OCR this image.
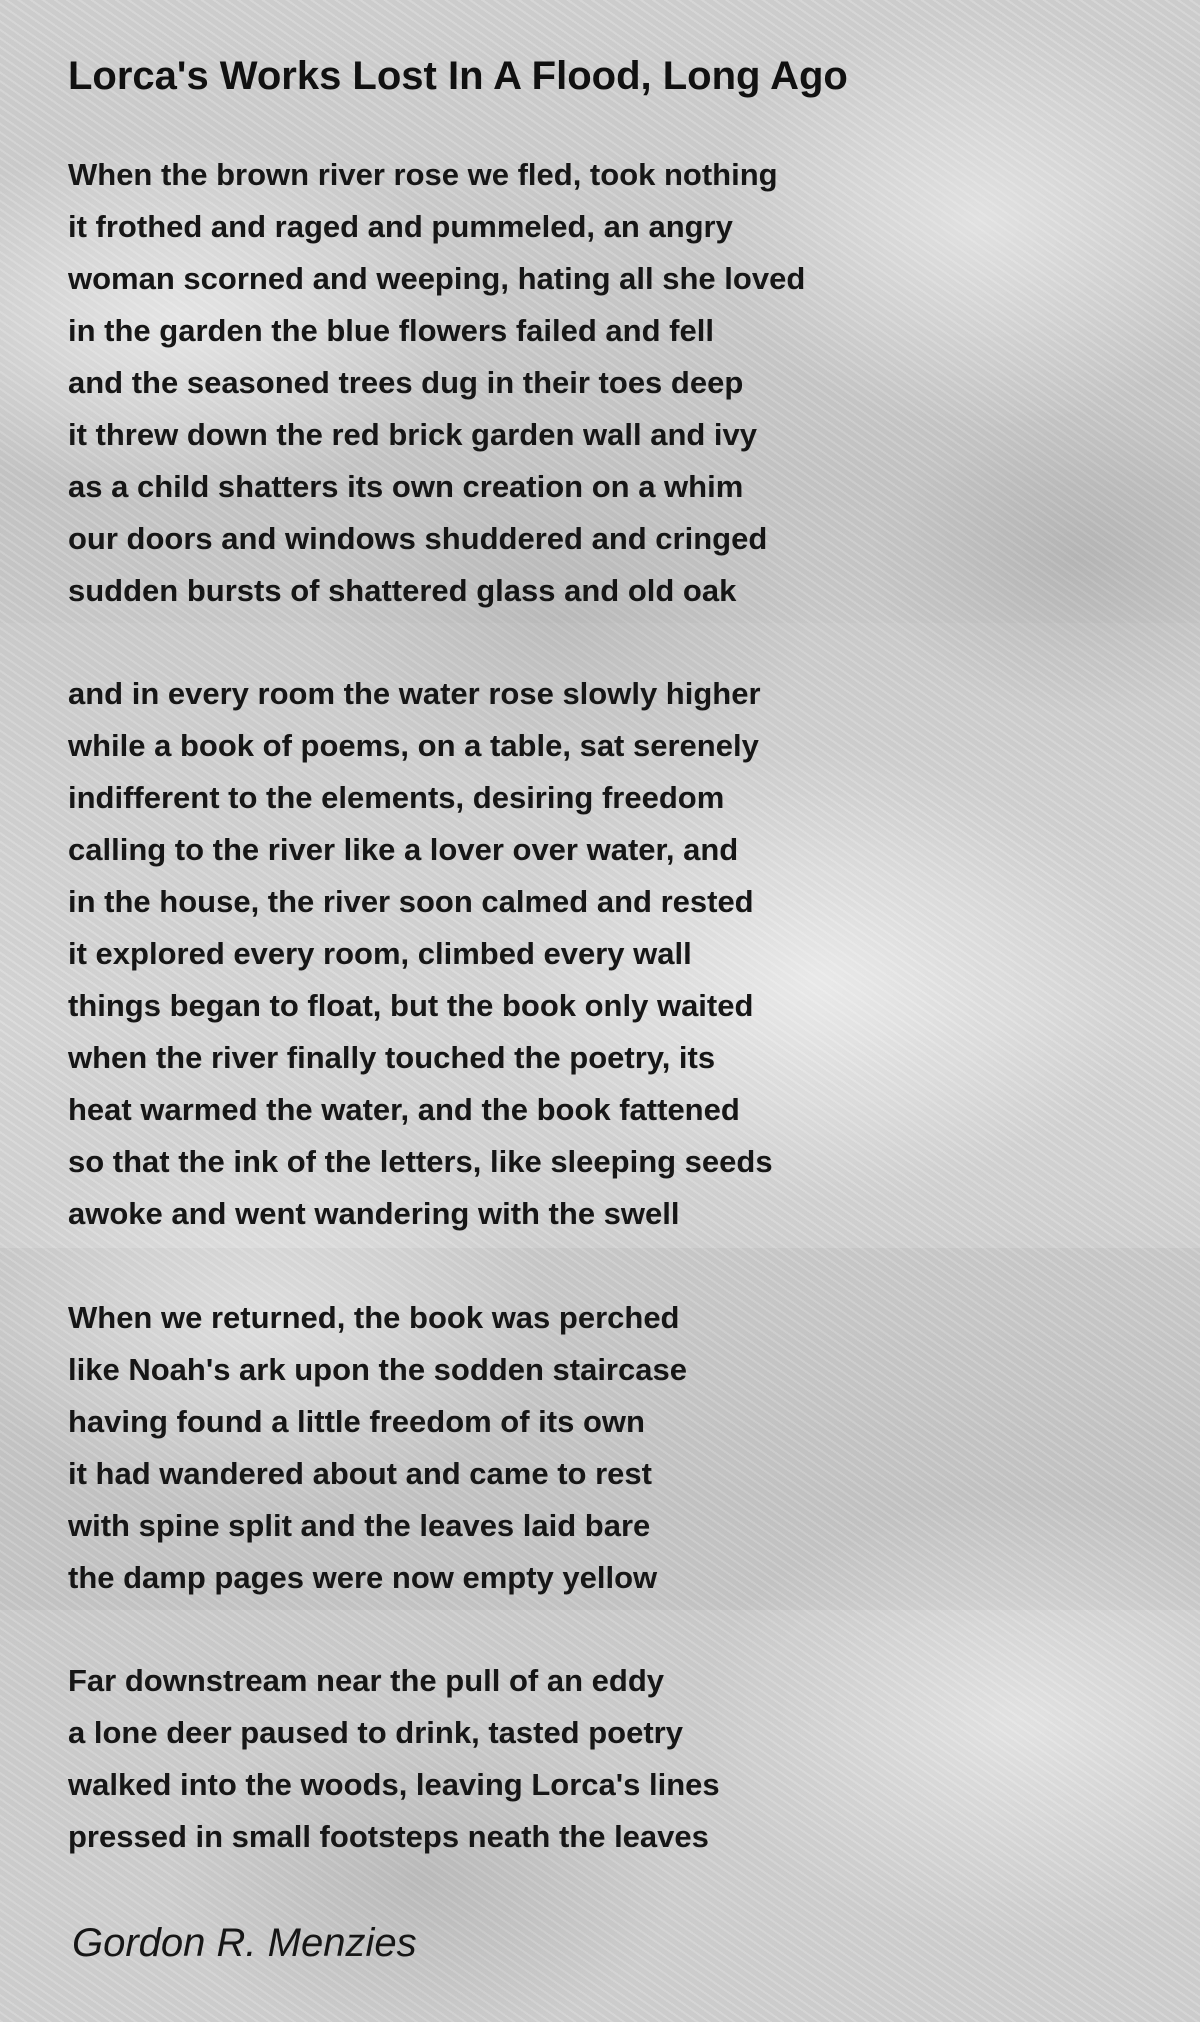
Lorca's Works Lost In A Flood, Long Ago
When the brown river rose we fled, took nothing
it frothed and raged and pummeled, an angry
woman scorned and weeping, hating all she loved
in the garden the blue flowers failed and fell
and the seasoned trees dug in their toes deep
it threw down the red brick garden wall and ivy
as a child shatters its own creation on a whim
our doors and windows shuddered and cringed
sudden bursts of shattered glass and old oak
and in every room the water rose slowly higher
while a book of poems, on a table, sat serenely
indifferent to the elements, desiring freedom
calling to the river like a lover over water, and
in the house, the river soon calmed and rested
it explored every room, climbed every wall
things began to float, but the book only waited
when the river finally touched the poetry, its
heat warmed the water, and the book fattened
so that the ink of the letters, like sleeping seeds
awoke and went wandering with the swell
When we returned, the book was perched
like Noah's ark upon the sodden staircase
having found a little freedom of its own
it had wandered about and came to rest
with spine split and the leaves laid bare
the damp pages were now empty yellow
Far downstream near the pull of an eddy
a lone deer paused to drink, tasted poetry
walked into the woods, leaving Lorca's lines
pressed in small footsteps neath the leaves

Gordon R. Menzies
